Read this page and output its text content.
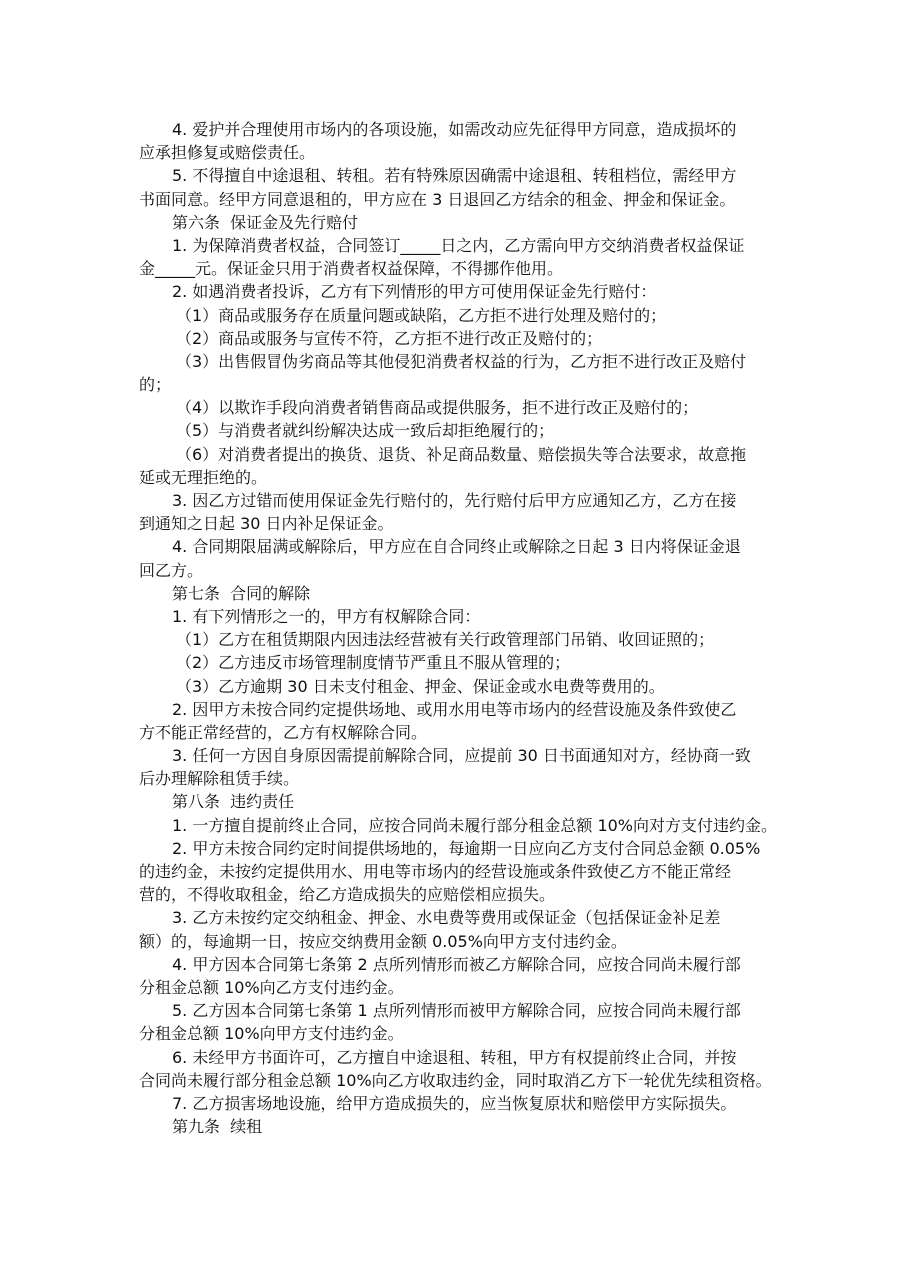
4. 爱护并合理使用市场内的各项设施，如需改动应先征得甲方同意，造成损坏的
应承担修复或赔偿责任。
5. 不得擅自中途退租、转租。若有特殊原因确需中途退租、转租档位，需经甲方
书面同意。经甲方同意退租的，甲方应在 3 日退回乙方结余的租金、押金和保证金。
第六条  保证金及先行赔付
1. 为保障消费者权益，合同签订_____日之内，乙方需向甲方交纳消费者权益保证
金_____元。保证金只用于消费者权益保障，不得挪作他用。
2. 如遇消费者投诉，乙方有下列情形的甲方可使用保证金先行赔付：
（1）商品或服务存在质量问题或缺陷，乙方拒不进行处理及赔付的；
（2）商品或服务与宣传不符，乙方拒不进行改正及赔付的；
（3）出售假冒伪劣商品等其他侵犯消费者权益的行为，乙方拒不进行改正及赔付
的；
（4）以欺诈手段向消费者销售商品或提供服务，拒不进行改正及赔付的；
（5）与消费者就纠纷解决达成一致后却拒绝履行的；
（6）对消费者提出的换货、退货、补足商品数量、赔偿损失等合法要求，故意拖
延或无理拒绝的。
3. 因乙方过错而使用保证金先行赔付的，先行赔付后甲方应通知乙方，乙方在接
到通知之日起 30 日内补足保证金。
4. 合同期限届满或解除后，甲方应在自合同终止或解除之日起 3 日内将保证金退
回乙方。
第七条  合同的解除
1. 有下列情形之一的，甲方有权解除合同：
（1）乙方在租赁期限内因违法经营被有关行政管理部门吊销、收回证照的；
（2）乙方违反市场管理制度情节严重且不服从管理的；
（3）乙方逾期 30 日未支付租金、押金、保证金或水电费等费用的。
2. 因甲方未按合同约定提供场地、或用水用电等市场内的经营设施及条件致使乙
方不能正常经营的，乙方有权解除合同。
3. 任何一方因自身原因需提前解除合同，应提前 30 日书面通知对方，经协商一致
后办理解除租赁手续。
第八条  违约责任
1. 一方擅自提前终止合同，应按合同尚未履行部分租金总额 10%向对方支付违约金。
2. 甲方未按合同约定时间提供场地的，每逾期一日应向乙方支付合同总金额 0.05%
的违约金，未按约定提供用水、用电等市场内的经营设施或条件致使乙方不能正常经
营的，不得收取租金，给乙方造成损失的应赔偿相应损失。
3. 乙方未按约定交纳租金、押金、水电费等费用或保证金（包括保证金补足差
额）的，每逾期一日，按应交纳费用金额 0.05%向甲方支付违约金。
4. 甲方因本合同第七条第 2 点所列情形而被乙方解除合同，应按合同尚未履行部
分租金总额 10%向乙方支付违约金。
5. 乙方因本合同第七条第 1 点所列情形而被甲方解除合同，应按合同尚未履行部
分租金总额 10%向甲方支付违约金。
6. 未经甲方书面许可，乙方擅自中途退租、转租，甲方有权提前终止合同，并按
合同尚未履行部分租金总额 10%向乙方收取违约金，同时取消乙方下一轮优先续租资格。
7. 乙方损害场地设施，给甲方造成损失的，应当恢复原状和赔偿甲方实际损失。
第九条  续租
